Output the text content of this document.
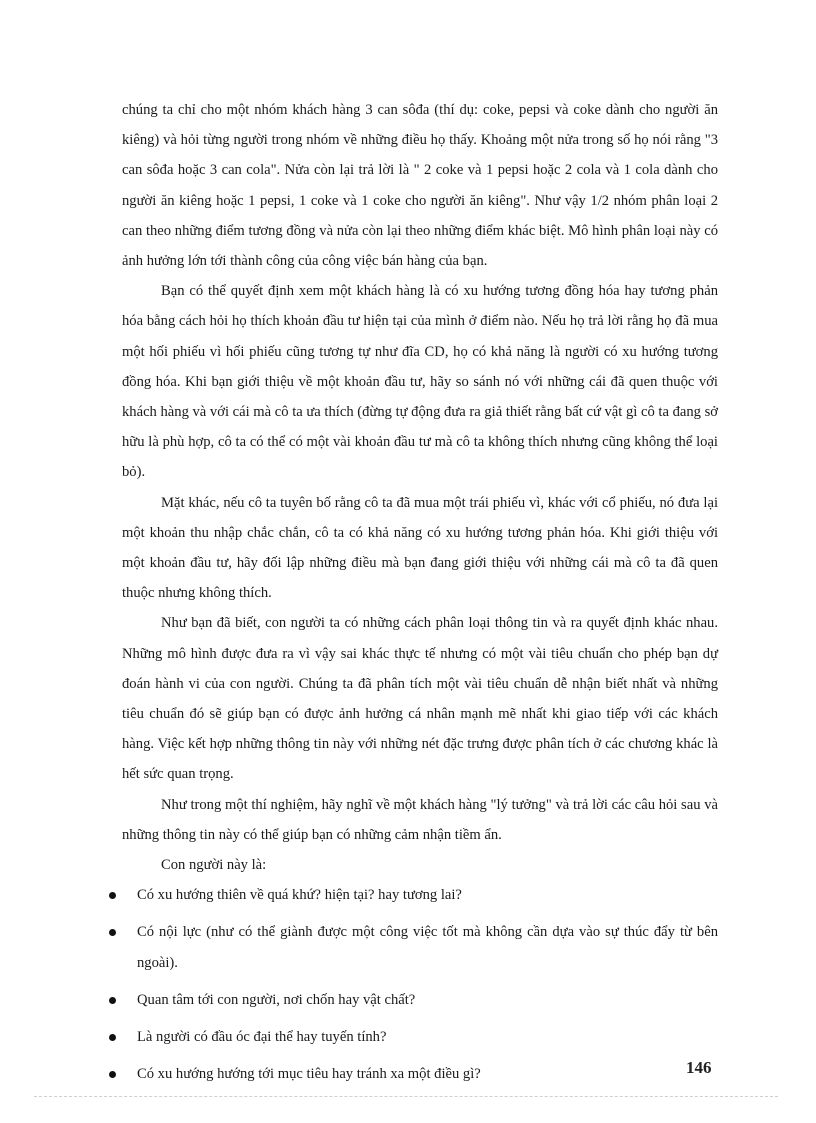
chúng ta chỉ cho một nhóm khách hàng 3 can sôđa (thí dụ: coke, pepsi và coke dành cho người ăn kiêng) và hỏi từng người trong nhóm về những điều họ thấy. Khoảng một nửa trong số họ nói rằng "3 can sôđa hoặc 3 can cola". Nửa còn lại trả lời là " 2 coke và 1 pepsi hoặc 2 cola và 1 cola dành cho người ăn kiêng hoặc 1 pepsi, 1 coke và 1 coke cho người ăn kiêng". Như vậy 1/2 nhóm phân loại 2 can theo những điểm tương đồng và nửa còn lại theo những điểm khác biệt. Mô hình phân loại này có ảnh hưởng lớn tới thành công của công việc bán hàng của bạn.

Bạn có thể quyết định xem một khách hàng là có xu hướng tương đồng hóa hay tương phản hóa bằng cách hỏi họ thích khoản đầu tư hiện tại của mình ở điểm nào. Nếu họ trả lời rằng họ đã mua một hối phiếu vì hối phiếu cũng tương tự như đĩa CD, họ có khả năng là người có xu hướng tương đồng hóa. Khi bạn giới thiệu về một khoản đầu tư, hãy so sánh nó với những cái đã quen thuộc với khách hàng và với cái mà cô ta ưa thích (đừng tự động đưa ra giả thiết rằng bất cứ vật gì cô ta đang sở hữu là phù hợp, cô ta có thể có một vài khoản đầu tư mà cô ta không thích nhưng cũng không thể loại bỏ).

Mặt khác, nếu cô ta tuyên bố rằng cô ta đã mua một trái phiếu vì, khác với cổ phiếu, nó đưa lại một khoản thu nhập chắc chắn, cô ta có khả năng có xu hướng tương phản hóa. Khi giới thiệu với một khoản đầu tư, hãy đối lập những điều mà bạn đang giới thiệu với những cái mà cô ta đã quen thuộc nhưng không thích.

Như bạn đã biết, con người ta có những cách phân loại thông tin và ra quyết định khác nhau. Những mô hình được đưa ra vì vậy sai khác thực tế nhưng có một vài tiêu chuẩn cho phép bạn dự đoán hành vi của con người. Chúng ta đã phân tích một vài tiêu chuẩn dễ nhận biết nhất và những tiêu chuẩn đó sẽ giúp bạn có được ảnh hưởng cá nhân mạnh mẽ nhất khi giao tiếp với các khách hàng. Việc kết hợp những thông tin này với những nét đặc trưng được phân tích ở các chương khác là hết sức quan trọng.

Như trong một thí nghiệm, hãy nghĩ về một khách hàng "lý tưởng" và trả lời các câu hỏi sau và những thông tin này có thể giúp bạn có những cảm nhận tiềm ẩn.

Con người này là:

Có xu hướng thiên về quá khứ? hiện tại? hay tương lai?
Có nội lực (như có thể giành được một công việc tốt mà không cần dựa vào sự thúc đẩy từ bên ngoài).
Quan tâm tới con người, nơi chốn hay vật chất?
Là người có đầu óc đại thể hay tuyến tính?
Có xu hướng hướng tới mục tiêu hay tránh xa một điều gì?	146
